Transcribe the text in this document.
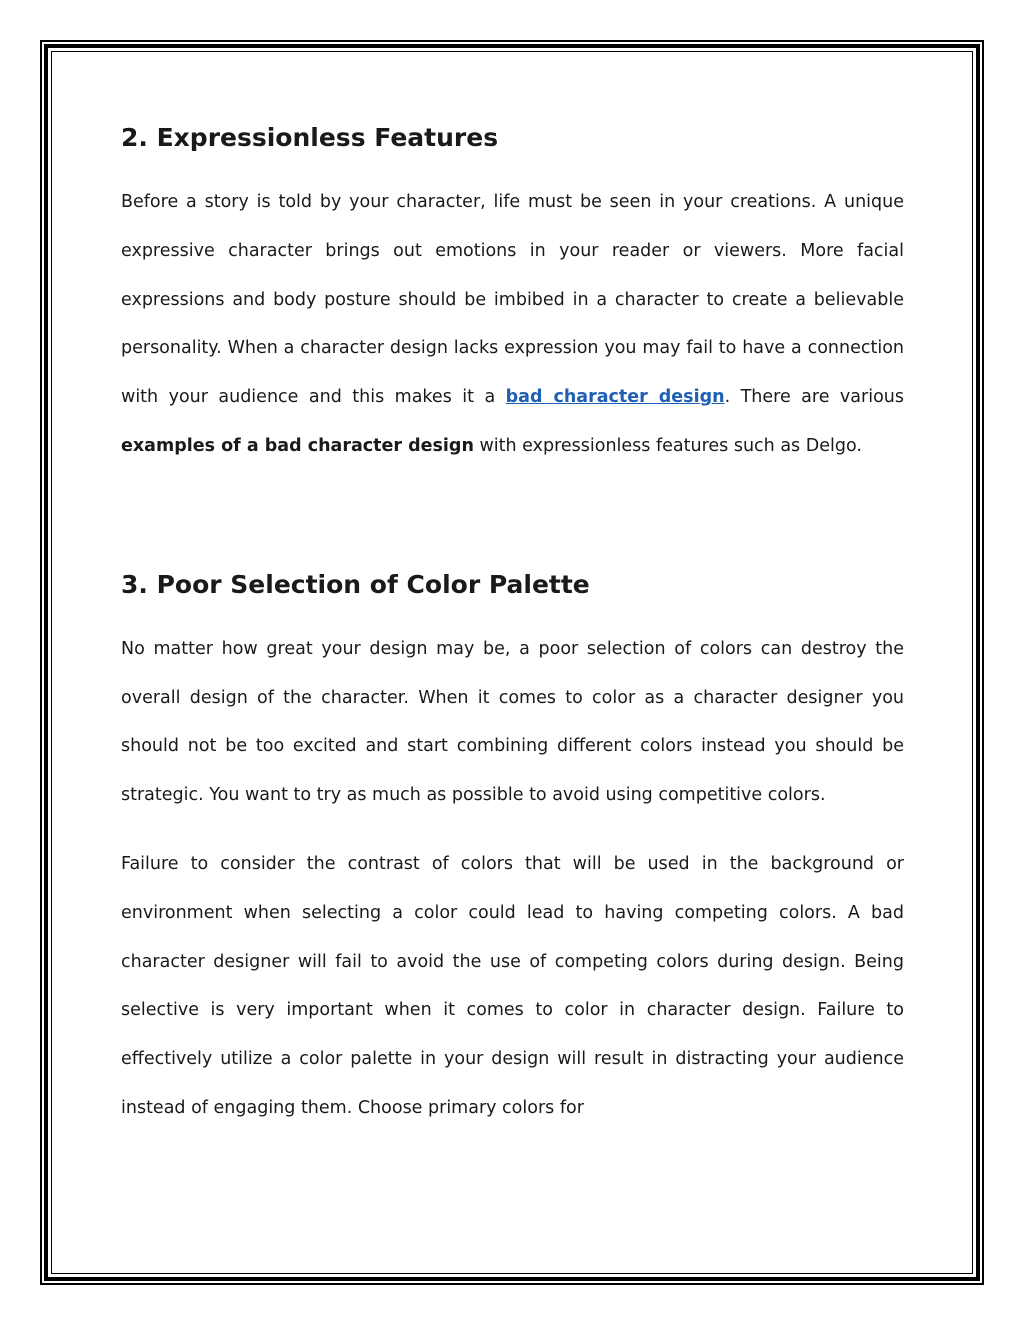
2. Expressionless Features

Before a story is told by your character, life must be seen in your creations. A unique expressive character brings out emotions in your reader or viewers. More facial expressions and body posture should be imbibed in a character to create a believable personality. When a character design lacks expression you may fail to have a connection with your audience and this makes it a bad character design. There are various examples of a bad character design with expressionless features such as Delgo.

3. Poor Selection of Color Palette

No matter how great your design may be, a poor selection of colors can destroy the overall design of the character. When it comes to color as a character designer you should not be too excited and start combining different colors instead you should be strategic. You want to try as much as possible to avoid using competitive colors.

Failure to consider the contrast of colors that will be used in the background or environment when selecting a color could lead to having competing colors. A bad character designer will fail to avoid the use of competing colors during design. Being selective is very important when it comes to color in character design. Failure to effectively utilize a color palette in your design will result in distracting your audience instead of engaging them. Choose primary colors for
